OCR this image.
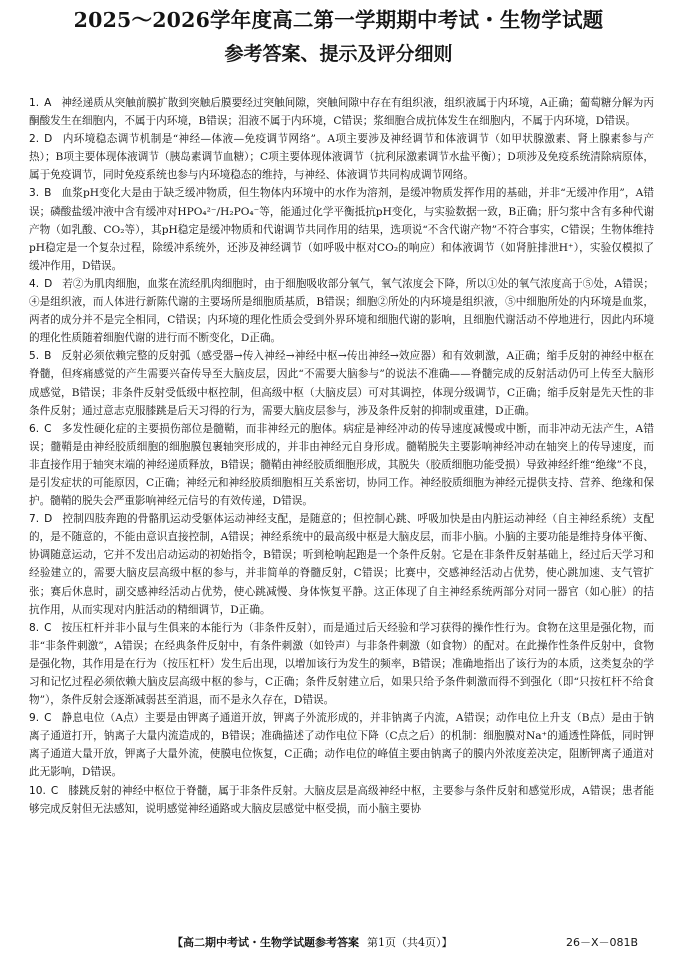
2025～2026学年度高二第一学期期中考试・生物学试题
参考答案、提示及评分细则

1. A 神经递质从突触前膜扩散到突触后膜要经过突触间隙，突触间隙中存在有组织液，组织液属于内环境，A正确；葡萄糖分解为丙酮酸发生在细胞内，不属于内环境，B错误；泪液不属于内环境，C错误；浆细胞合成抗体发生在细胞内，不属于内环境，D错误。

2. D 内环境稳态调节机制是“神经—体液—免疫调节网络”。A项主要涉及神经调节和体液调节（如甲状腺激素、肾上腺素参与产热）；B项主要体现体液调节（胰岛素调节血糖）；C项主要体现体液调节（抗利尿激素调节水盐平衡）；D项涉及免疫系统清除病原体，属于免疫调节，同时免疫系统也参与内环境稳态的维持，与神经、体液调节共同构成调节网络。

3. B 血浆pH变化大是由于缺乏缓冲物质，但生物体内环境中的水作为溶剂，是缓冲物质发挥作用的基础，并非“无缓冲作用”，A错误；磷酸盐缓冲液中含有缓冲对HPO₄²⁻/H₂PO₄⁻等，能通过化学平衡抵抗pH变化，与实验数据一致，B正确；肝匀浆中含有多种代谢产物（如乳酸、CO₂等），其pH稳定是缓冲物质和代谢调节共同作用的结果，选项说“不含代谢产物”不符合事实，C错误；生物体维持pH稳定是一个复杂过程，除缓冲系统外，还涉及神经调节（如呼吸中枢对CO₂的响应）和体液调节（如肾脏排泄H⁺），实验仅模拟了缓冲作用，D错误。

4. D 若②为肌肉细胞，血浆在流经肌肉细胞时，由于细胞吸收部分氧气，氧气浓度会下降，所以①处的氧气浓度高于⑤处，A错误；④是组织液，而人体进行新陈代谢的主要场所是细胞质基质，B错误；细胞②所处的内环境是组织液，⑤中细胞所处的内环境是血浆，两者的成分并不是完全相同，C错误；内环境的理化性质会受到外界环境和细胞代谢的影响，且细胞代谢活动不停地进行，因此内环境的理化性质随着细胞代谢的进行而不断变化，D正确。

5. B 反射必须依赖完整的反射弧（感受器→传入神经→神经中枢→传出神经→效应器）和有效刺激，A正确；缩手反射的神经中枢在脊髓，但疼痛感觉的产生需要兴奋传导至大脑皮层，因此“不需要大脑参与”的说法不准确——脊髓完成的反射活动仍可上传至大脑形成感觉，B错误；非条件反射受低级中枢控制，但高级中枢（大脑皮层）可对其调控，体现分级调节，C正确；缩手反射是先天性的非条件反射；通过意志克服膝跳是后天习得的行为，需要大脑皮层参与，涉及条件反射的抑制或重建，D正确。

6. C 多发性硬化症的主要损伤部位是髓鞘，而非神经元的胞体。病症是神经冲动的传导速度减慢或中断，而非冲动无法产生，A错误；髓鞘是由神经胶质细胞的细胞膜包裹轴突形成的，并非由神经元自身形成。髓鞘脱失主要影响神经冲动在轴突上的传导速度，而非直接作用于轴突末端的神经递质释放，B错误；髓鞘由神经胶质细胞形成，其脱失（胶质细胞功能受损）导致神经纤维“绝缘”不良，是引发症状的可能原因，C正确；神经元和神经胶质细胞相互关系密切，协同工作。神经胶质细胞为神经元提供支持、营养、绝缘和保护。髓鞘的脱失会严重影响神经元信号的有效传递，D错误。

7. D 控制四肢奔跑的骨骼肌运动受躯体运动神经支配，是随意的；但控制心跳、呼吸加快是由内脏运动神经（自主神经系统）支配的，是不随意的，不能由意识直接控制，A错误；神经系统中的最高级中枢是大脑皮层，而非小脑。小脑的主要功能是维持身体平衡、协调随意运动，它并不发出启动运动的初始指令，B错误；听到枪响起跑是一个条件反射。它是在非条件反射基础上，经过后天学习和经验建立的，需要大脑皮层高级中枢的参与，并非简单的脊髓反射，C错误；比赛中，交感神经活动占优势，使心跳加速、支气管扩张；赛后休息时，副交感神经活动占优势，使心跳减慢、身体恢复平静。这正体现了自主神经系统两部分对同一器官（如心脏）的拮抗作用，从而实现对内脏活动的精细调节，D正确。

8. C 按压杠杆并非小鼠与生俱来的本能行为（非条件反射），而是通过后天经验和学习获得的操作性行为。食物在这里是强化物，而非“非条件刺激”，A错误；在经典条件反射中，有条件刺激（如铃声）与非条件刺激（如食物）的配对。在此操作性条件反射中，食物是强化物，其作用是在行为（按压杠杆）发生后出现，以增加该行为发生的频率，B错误；准确地指出了该行为的本质，这类复杂的学习和记忆过程必须依赖大脑皮层高级中枢的参与，C正确；条件反射建立后，如果只给予条件刺激而得不到强化（即“只按杠杆不给食物”），条件反射会逐渐减弱甚至消退，而不是永久存在，D错误。

9. C 静息电位（A点）主要是由钾离子通道开放，钾离子外流形成的，并非钠离子内流，A错误；动作电位上升支（B点）是由于钠离子通道打开，钠离子大量内流造成的，B错误；准确描述了动作电位下降（C点之后）的机制：细胞膜对Na⁺的通透性降低，同时钾离子通道大量开放，钾离子大量外流，使膜电位恢复，C正确；动作电位的峰值主要由钠离子的膜内外浓度差决定，阻断钾离子通道对此无影响，D错误。

10. C 膝跳反射的神经中枢位于脊髓，属于非条件反射。大脑皮层是高级神经中枢，主要参与条件反射和感觉形成，A错误；患者能够完成反射但无法感知，说明感觉神经通路或大脑皮层感觉中枢受损，而小脑主要协

【高二期中考试・生物学试题参考答案 第1页（共4页）】	26－X－081B
